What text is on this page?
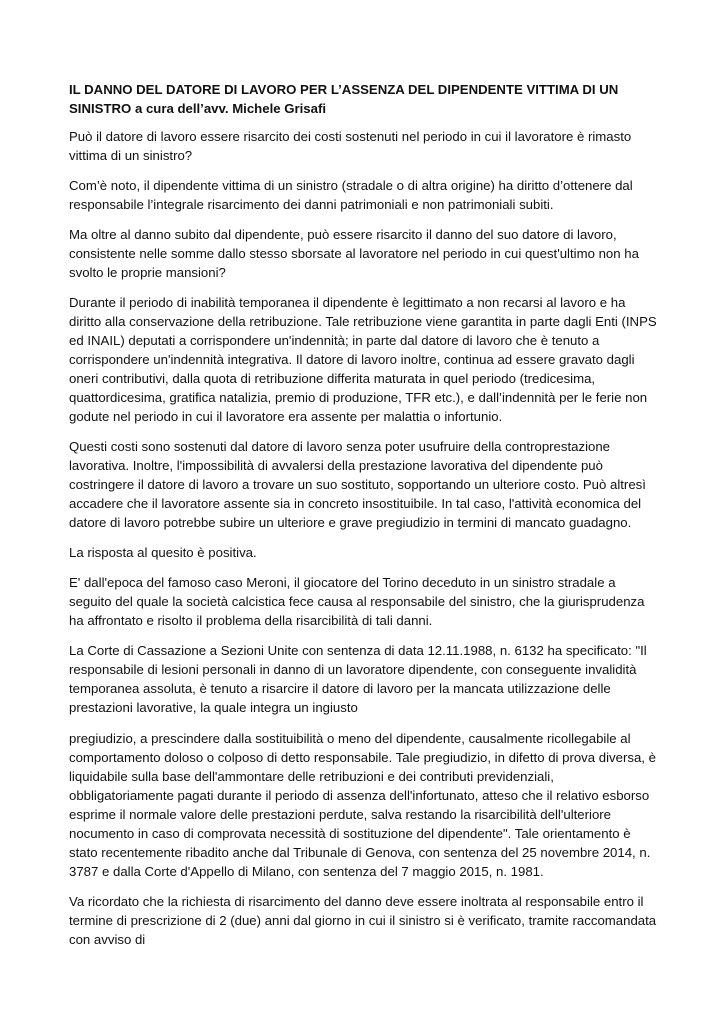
IL DANNO DEL DATORE DI LAVORO PER L’ASSENZA DEL DIPENDENTE VITTIMA DI UN SINISTRO a cura dell’avv. Michele Grisafi

Può il datore di lavoro essere risarcito dei costi sostenuti nel periodo in cui il lavoratore è rimasto vittima di un sinistro?

Com’è noto, il dipendente vittima di un sinistro (stradale o di altra origine) ha diritto d’ottenere dal responsabile l’integrale risarcimento dei danni patrimoniali e non patrimoniali subiti.

Ma oltre al danno subito dal dipendente, può essere risarcito il danno del suo datore di lavoro, consistente nelle somme dallo stesso sborsate al lavoratore nel periodo in cui quest'ultimo non ha svolto le proprie mansioni?

Durante il periodo di inabilità temporanea il dipendente è legittimato a non recarsi al lavoro e ha diritto alla conservazione della retribuzione. Tale retribuzione viene garantita in parte dagli Enti (INPS ed INAIL) deputati a corrispondere un'indennità; in parte dal datore di lavoro che è tenuto a corrispondere un'indennità integrativa. Il datore di lavoro inoltre, continua ad essere gravato dagli oneri contributivi, dalla quota di retribuzione differita maturata in quel periodo (tredicesima, quattordicesima, gratifica natalizia, premio di produzione, TFR etc.), e dall’indennità per le ferie non godute nel periodo in cui il lavoratore era assente per malattia o infortunio.

Questi costi sono sostenuti dal datore di lavoro senza poter usufruire della controprestazione lavorativa. Inoltre, l'impossibilità di avvalersi della prestazione lavorativa del dipendente può costringere il datore di lavoro a trovare un suo sostituto, sopportando un ulteriore costo. Può altresì accadere che il lavoratore assente sia in concreto insostituibile. In tal caso, l'attività economica del datore di lavoro potrebbe subire un ulteriore e grave pregiudizio in termini di mancato guadagno.

La risposta al quesito è positiva.

E' dall'epoca del famoso caso Meroni, il giocatore del Torino deceduto in un sinistro stradale a seguito del quale la società calcistica fece causa al responsabile del sinistro, che la giurisprudenza ha affrontato e risolto il problema della risarcibilità di tali danni.

La Corte di Cassazione a Sezioni Unite con sentenza di data 12.11.1988, n. 6132 ha specificato: "Il responsabile di lesioni personali in danno di un lavoratore dipendente, con conseguente invalidità temporanea assoluta, è tenuto a risarcire il datore di lavoro per la mancata utilizzazione delle prestazioni lavorative, la quale integra un ingiusto

pregiudizio, a prescindere dalla sostituibilità o meno del dipendente, causalmente ricollegabile al comportamento doloso o colposo di detto responsabile. Tale pregiudizio, in difetto di prova diversa, è liquidabile sulla base dell'ammontare delle retribuzioni e dei contributi previdenziali, obbligatoriamente pagati durante il periodo di assenza dell'infortunato, atteso che il relativo esborso esprime il normale valore delle prestazioni perdute, salva restando la risarcibilità dell'ulteriore nocumento in caso di comprovata necessità di sostituzione del dipendente". Tale orientamento è stato recentemente ribadito anche dal Tribunale di Genova, con sentenza del 25 novembre 2014, n. 3787 e dalla Corte d'Appello di Milano, con sentenza del 7 maggio 2015, n. 1981.

Va ricordato che la richiesta di risarcimento del danno deve essere inoltrata al responsabile entro il termine di prescrizione di 2 (due) anni dal giorno in cui il sinistro si è verificato, tramite raccomandata con avviso di
